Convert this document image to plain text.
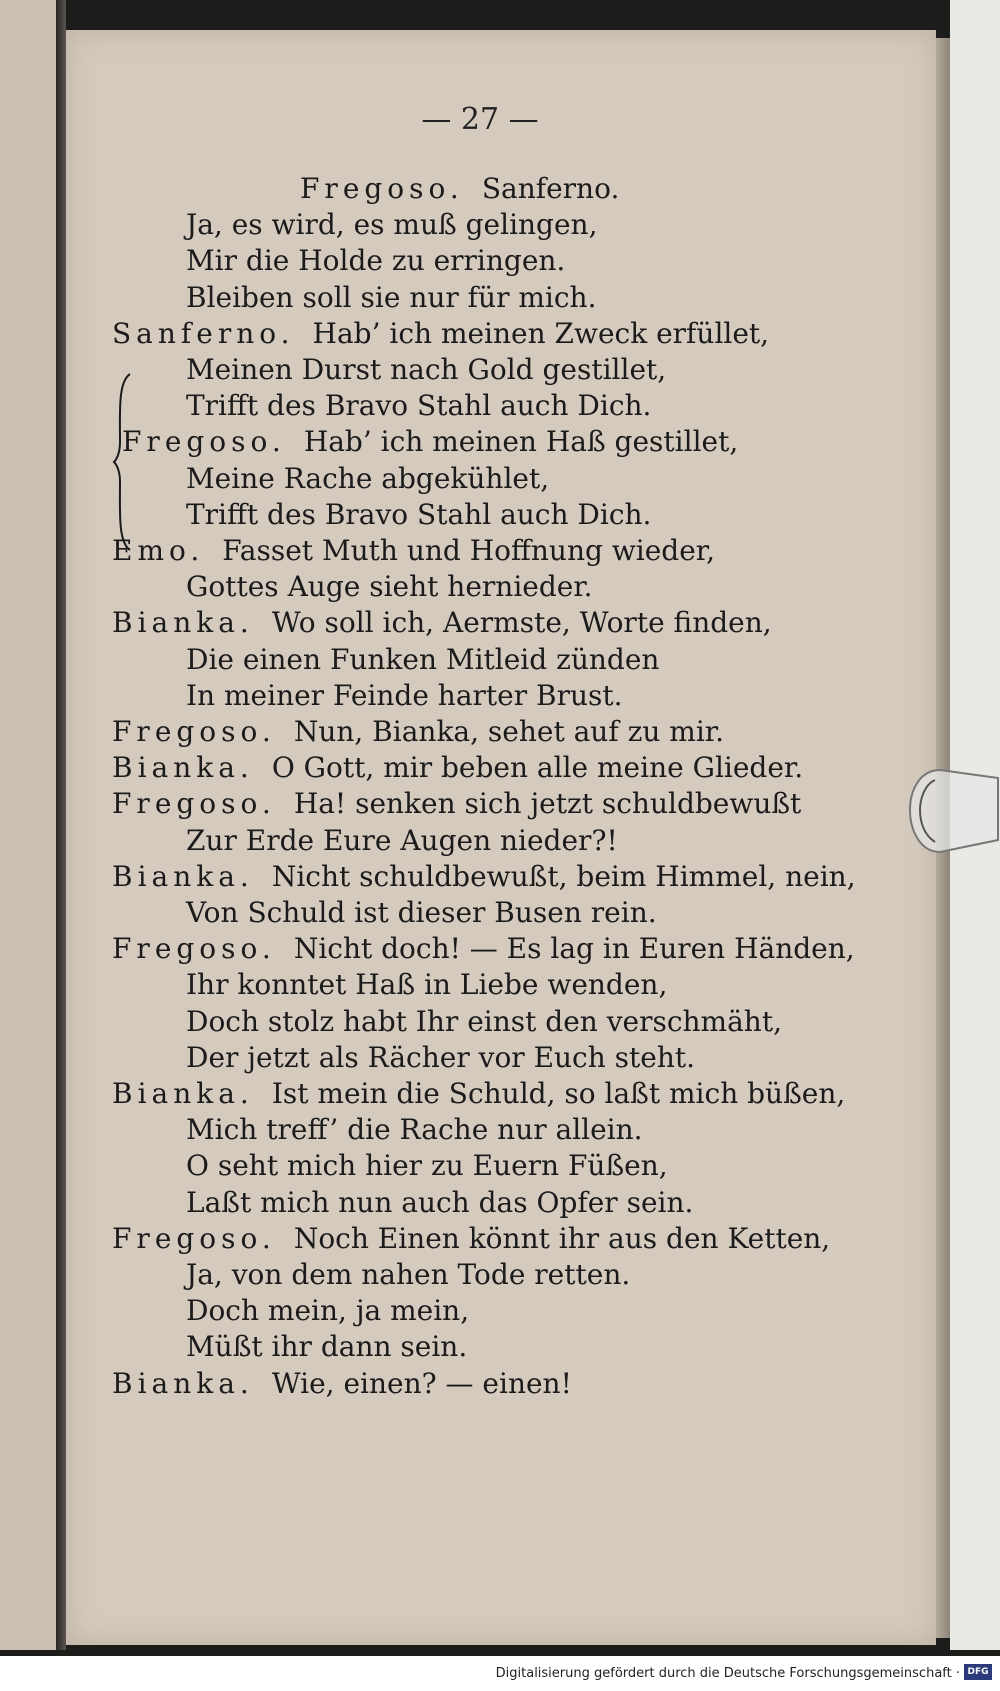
— 27 —
Fregoso. Sanferno.
Ja, es wird, es muß gelingen,
Mir die Holde zu erringen.
Bleiben soll sie nur für mich.
Sanferno. Hab’ ich meinen Zweck erfüllet,
Meinen Durst nach Gold gestillet,
Trifft des Bravo Stahl auch Dich.
Fregoso. Hab’ ich meinen Haß gestillet,
Meine Rache abgekühlet,
Trifft des Bravo Stahl auch Dich.
Emo. Fasset Muth und Hoffnung wieder,
Gottes Auge sieht hernieder.
Bianka. Wo soll ich, Aermste, Worte finden,
Die einen Funken Mitleid zünden
In meiner Feinde harter Brust.
Fregoso. Nun, Bianka, sehet auf zu mir.
Bianka. O Gott, mir beben alle meine Glieder.
Fregoso. Ha! senken sich jetzt schuldbewußt
Zur Erde Eure Augen nieder?!
Bianka. Nicht schuldbewußt, beim Himmel, nein,
Von Schuld ist dieser Busen rein.
Fregoso. Nicht doch! — Es lag in Euren Händen,
Ihr konntet Haß in Liebe wenden,
Doch stolz habt Ihr einst den verschmäht,
Der jetzt als Rächer vor Euch steht.
Bianka. Ist mein die Schuld, so laßt mich büßen,
Mich treff’ die Rache nur allein.
O seht mich hier zu Euern Füßen,
Laßt mich nun auch das Opfer sein.
Fregoso. Noch Einen könnt ihr aus den Ketten,
Ja, von dem nahen Tode retten.
Doch mein, ja mein,
Müßt ihr dann sein.
Bianka. Wie, einen? — einen!
Digitalisierung gefördert durch die Deutsche Forschungsgemeinschaft · DFG
